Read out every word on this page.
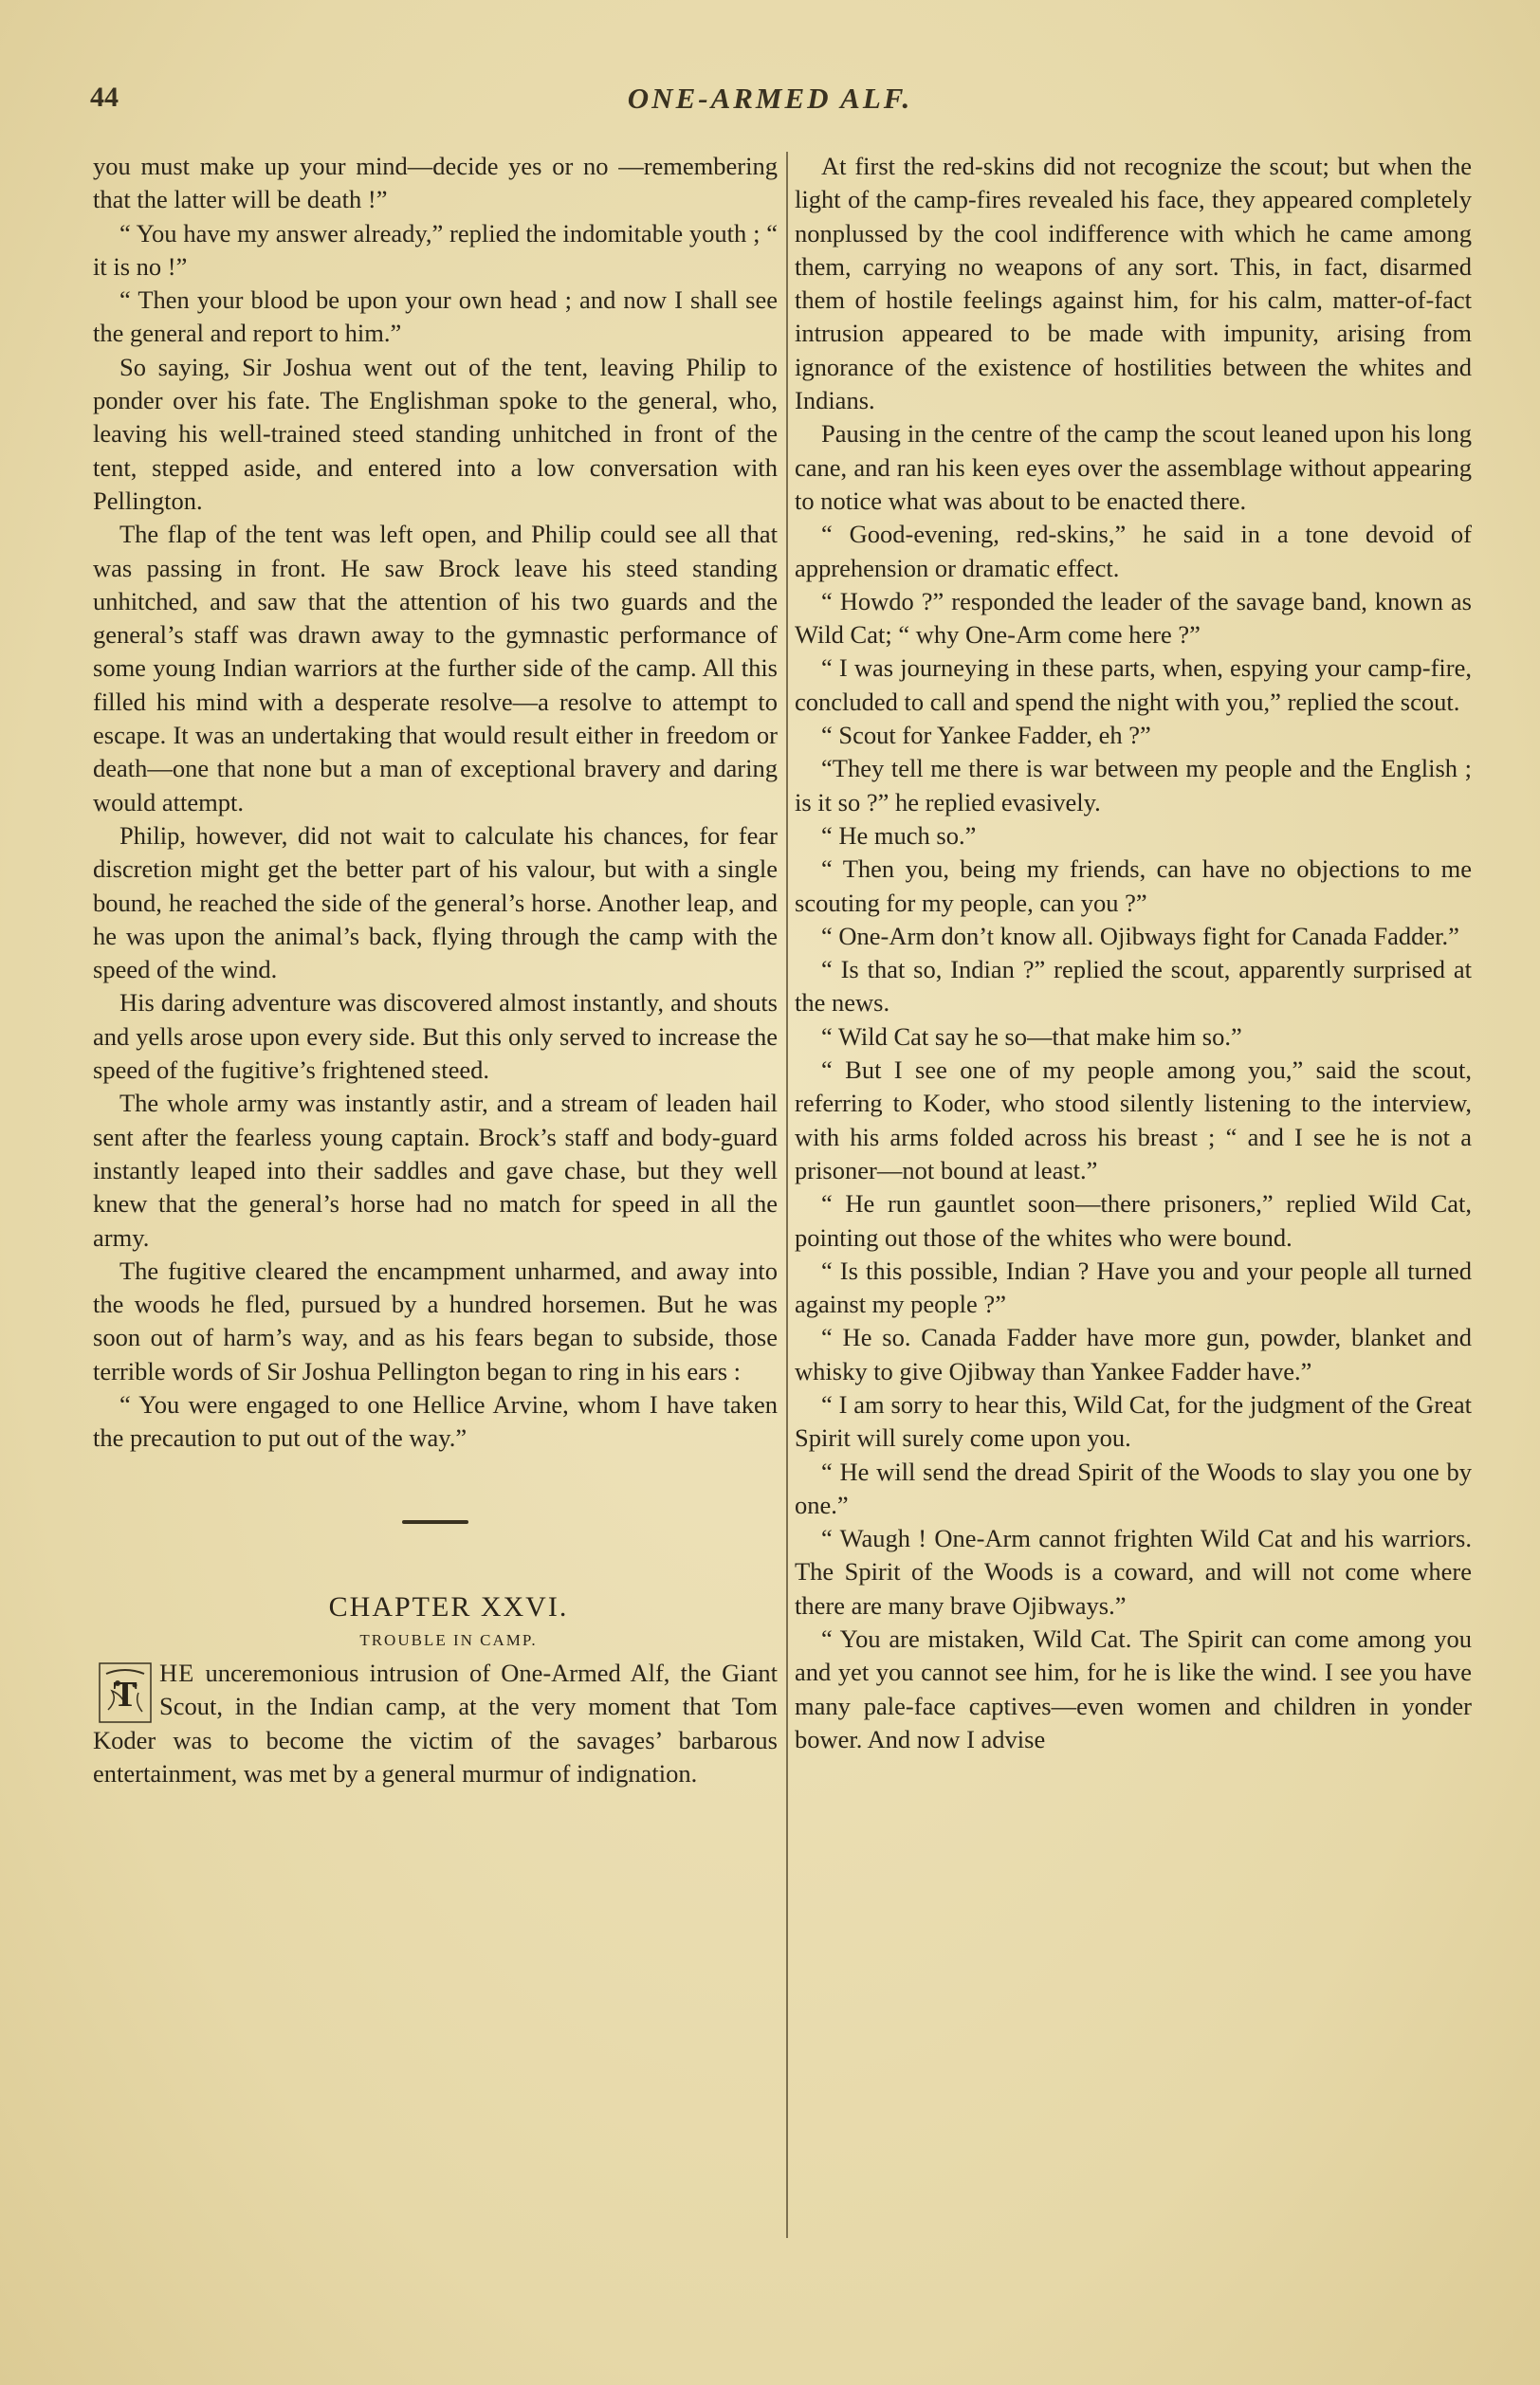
44	ONE-ARMED ALF.

you must make up your mind—decide yes or no —remembering that the latter will be death !”

“ You have my answer already,” replied the indomitable youth ; “ it is no !”

“ Then your blood be upon your own head ; and now I shall see the general and report to him.”

So saying, Sir Joshua went out of the tent, leaving Philip to ponder over his fate. The Englishman spoke to the general, who, leaving his well-trained steed standing unhitched in front of the tent, stepped aside, and entered into a low conversation with Pellington.

The flap of the tent was left open, and Philip could see all that was passing in front. He saw Brock leave his steed standing unhitched, and saw that the attention of his two guards and the general’s staff was drawn away to the gymnastic performance of some young Indian warriors at the further side of the camp. All this filled his mind with a desperate resolve—a resolve to attempt to escape. It was an undertaking that would result either in freedom or death—one that none but a man of exceptional bravery and daring would attempt.

Philip, however, did not wait to calculate his chances, for fear discretion might get the better part of his valour, but with a single bound, he reached the side of the general’s horse. Another leap, and he was upon the animal’s back, flying through the camp with the speed of the wind.

His daring adventure was discovered almost instantly, and shouts and yells arose upon every side. But this only served to increase the speed of the fugitive’s frightened steed.

The whole army was instantly astir, and a stream of leaden hail sent after the fearless young captain. Brock’s staff and body-guard instantly leaped into their saddles and gave chase, but they well knew that the general’s horse had no match for speed in all the army.

The fugitive cleared the encampment unharmed, and away into the woods he fled, pursued by a hundred horsemen. But he was soon out of harm’s way, and as his fears began to subside, those terrible words of Sir Joshua Pellington began to ring in his ears :

“ You were engaged to one Hellice Arvine, whom I have taken the precaution to put out of the way.”

CHAPTER XXVI.

TROUBLE IN CAMP.

T
HE unceremonious intrusion of One-Armed Alf, the Giant Scout, in the Indian camp, at the very moment that Tom Koder was to become the victim of the savages’ barbarous entertainment, was met by a general murmur of indignation.

At first the red-skins did not recognize the scout; but when the light of the camp-fires revealed his face, they appeared completely nonplussed by the cool indifference with which he came among them, carrying no weapons of any sort. This, in fact, disarmed them of hostile feelings against him, for his calm, matter-of-fact intrusion appeared to be made with impunity, arising from ignorance of the existence of hostilities between the whites and Indians.

Pausing in the centre of the camp the scout leaned upon his long cane, and ran his keen eyes over the assemblage without appearing to notice what was about to be enacted there.

“ Good-evening, red-skins,” he said in a tone devoid of apprehension or dramatic effect.

“ Howdo ?” responded the leader of the savage band, known as Wild Cat; “ why One-Arm come here ?”

“ I was journeying in these parts, when, espying your camp-fire, concluded to call and spend the night with you,” replied the scout.

“ Scout for Yankee Fadder, eh ?”

“They tell me there is war between my people and the English ; is it so ?” he replied evasively.

“ He much so.”

“ Then you, being my friends, can have no objections to me scouting for my people, can you ?”

“ One-Arm don’t know all. Ojibways fight for Canada Fadder.”

“ Is that so, Indian ?” replied the scout, apparently surprised at the news.

“ Wild Cat say he so—that make him so.”

“ But I see one of my people among you,” said the scout, referring to Koder, who stood silently listening to the interview, with his arms folded across his breast ; “ and I see he is not a prisoner—not bound at least.”

“ He run gauntlet soon—there prisoners,” replied Wild Cat, pointing out those of the whites who were bound.

“ Is this possible, Indian ? Have you and your people all turned against my people ?”

“ He so. Canada Fadder have more gun, powder, blanket and whisky to give Ojibway than Yankee Fadder have.”

“ I am sorry to hear this, Wild Cat, for the judgment of the Great Spirit will surely come upon you.

“ He will send the dread Spirit of the Woods to slay you one by one.”

“ Waugh ! One-Arm cannot frighten Wild Cat and his warriors. The Spirit of the Woods is a coward, and will not come where there are many brave Ojibways.”

“ You are mistaken, Wild Cat. The Spirit can come among you and yet you cannot see him, for he is like the wind. I see you have many pale-face captives—even women and children in yonder bower. And now I advise
